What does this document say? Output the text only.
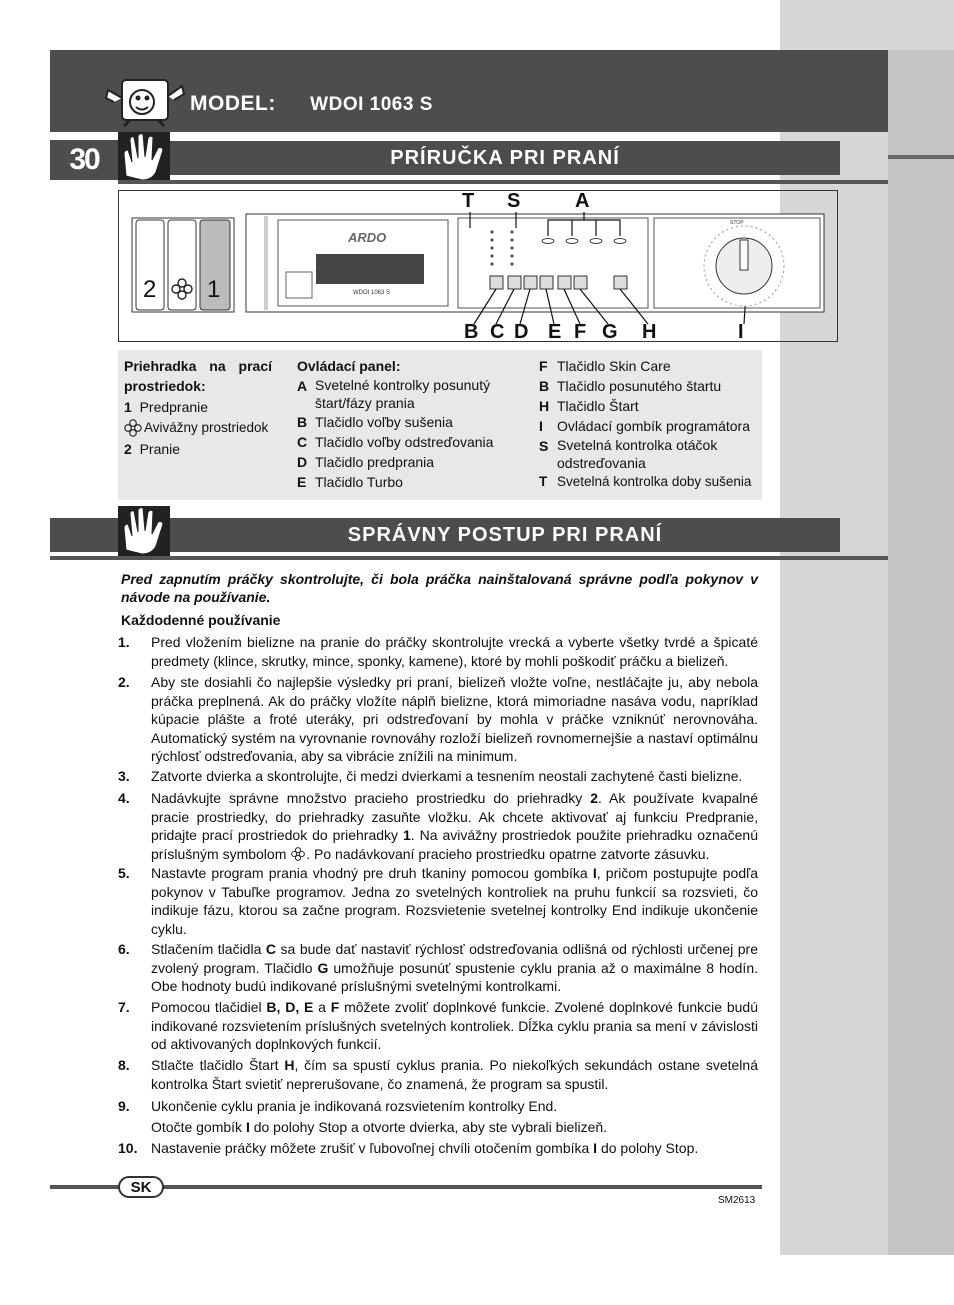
MODEL: WDOI 1063 S
30	PRÍRUČKA PRI PRANÍ
T S	A
2 1
ARDO
WDOI 1063 S
STOP
B C D E F G H	I
Priehradka na prací prostriedok:
1 Predpranie
Avivážny prostriedok
2 Pranie
Ovládací panel:
A Svetelné kontrolky posunutý štart/fázy prania
B Tlačidlo voľby sušenia
C Tlačidlo voľby odstreďovania
D Tlačidlo predprania
E Tlačidlo Turbo
F Tlačidlo Skin Care
B Tlačidlo posunutého štartu
H Tlačidlo Štart
I	Ovládací gombík programátora
S Svetelná kontrolka otáčok odstreďovania
T Svetelná kontrolka doby sušenia
SPRÁVNY POSTUP PRI PRANÍ
Pred zapnutím práčky skontrolujte, či bola práčka nainštalovaná správne podľa pokynov v návode na používanie.
Každodenné používanie
1. Pred vložením bielizne na pranie do práčky skontrolujte vrecká a vyberte všetky tvrdé a špicaté predmety (klince, skrutky, mince, sponky, kamene), ktoré by mohli poškodiť práčku a bielizeň.
2. Aby ste dosiahli čo najlepšie výsledky pri praní, bielizeň vložte voľne, nestláčajte ju, aby nebola práčka preplnená. Ak do práčky vložíte náplň bielizne, ktorá mimoriadne nasáva vodu, napríklad kúpacie plášte a froté uteráky, pri odstreďovaní by mohla v práčke vzniknúť nerovnováha. Automatický systém na vyrovnanie rovnováhy rozloží bielizeň rovnomernejšie a nastaví optimálnu rýchlosť odstreďovania, aby sa vibrácie znížili na minimum.
3. Zatvorte dvierka a skontrolujte, či medzi dvierkami a tesnením neostali zachytené časti bielizne.
4. Nadávkujte správne množstvo pracieho prostriedku do priehradky 2. Ak používate kvapalné pracie prostriedky, do priehradky zasuňte vložku. Ak chcete aktivovať aj funkciu Predpranie, pridajte prací prostriedok do priehradky 1. Na avivážny prostriedok použite priehradku označenú príslušným symbolom . Po nadávkovaní pracieho prostriedku opatrne zatvorte zásuvku.
5. Nastavte program prania vhodný pre druh tkaniny pomocou gombíka I, pričom postupujte podľa pokynov v Tabuľke programov. Jedna zo svetelných kontroliek na pruhu funkcií sa rozsvieti, čo indikuje fázu, ktorou sa začne program. Rozsvietenie svetelnej kontrolky End indikuje ukončenie cyklu.
6. Stlačením tlačidla C sa bude dať nastaviť rýchlosť odstreďovania odlišná od rýchlosti určenej pre zvolený program. Tlačidlo G umožňuje posunúť spustenie cyklu prania až o maximálne 8 hodín. Obe hodnoty budú indikované príslušnými svetelnými kontrolkami.
7. Pomocou tlačidiel B, D, E a F môžete zvoliť doplnkové funkcie. Zvolené doplnkové funkcie budú indikované rozsvietením príslušných svetelných kontroliek. Dĺžka cyklu prania sa mení v závislosti od aktivovaných doplnkových funkcií.
8. Stlačte tlačidlo Štart H, čím sa spustí cyklus prania. Po niekoľkých sekundách ostane svetelná kontrolka Štart svietiť neprerušovane, čo znamená, že program sa spustil.
9. Ukončenie cyklu prania je indikovaná rozsvietením kontrolky End.
Otočte gombík I do polohy Stop a otvorte dvierka, aby ste vybrali bielizeň.
10. Nastavenie práčky môžete zrušiť v ľubovoľnej chvíli otočením gombíka I do polohy Stop.
SK
SM2613
